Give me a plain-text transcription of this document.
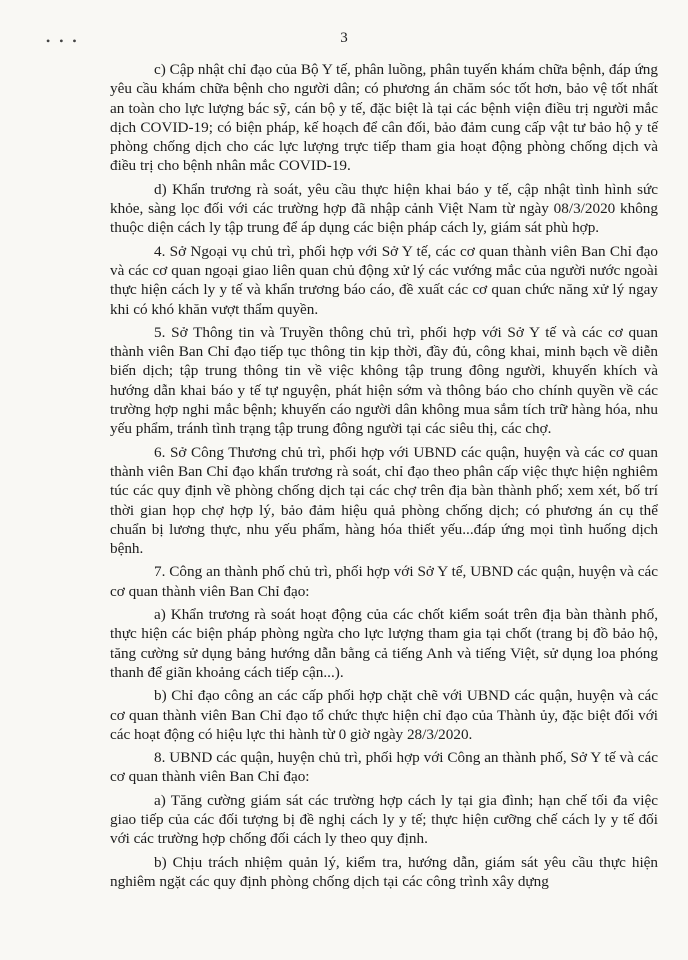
• • •	3

c) Cập nhật chỉ đạo của Bộ Y tế, phân luồng, phân tuyến khám chữa bệnh, đáp ứng yêu cầu khám chữa bệnh cho người dân; có phương án chăm sóc tốt hơn, bảo vệ tốt nhất an toàn cho lực lượng bác sỹ, cán bộ y tế, đặc biệt là tại các bệnh viện điều trị người mắc dịch COVID-19; có biện pháp, kế hoạch để cân đối, bảo đảm cung cấp vật tư bảo hộ y tế phòng chống dịch cho các lực lượng trực tiếp tham gia hoạt động phòng chống dịch và điều trị cho bệnh nhân mắc COVID-19.

d) Khẩn trương rà soát, yêu cầu thực hiện khai báo y tế, cập nhật tình hình sức khỏe, sàng lọc đối với các trường hợp đã nhập cảnh Việt Nam từ ngày 08/3/2020 không thuộc diện cách ly tập trung để áp dụng các biện pháp cách ly, giám sát phù hợp.

4. Sở Ngoại vụ chủ trì, phối hợp với Sở Y tế, các cơ quan thành viên Ban Chỉ đạo và các cơ quan ngoại giao liên quan chủ động xử lý các vướng mắc của người nước ngoài thực hiện cách ly y tế và khẩn trương báo cáo, đề xuất các cơ quan chức năng xử lý ngay khi có khó khăn vượt thẩm quyền.

5. Sở Thông tin và Truyền thông chủ trì, phối hợp với Sở Y tế và các cơ quan thành viên Ban Chỉ đạo tiếp tục thông tin kịp thời, đầy đủ, công khai, minh bạch về diễn biến dịch; tập trung thông tin về việc không tập trung đông người, khuyến khích và hướng dẫn khai báo y tế tự nguyện, phát hiện sớm và thông báo cho chính quyền về các trường hợp nghi mắc bệnh; khuyến cáo người dân không mua sắm tích trữ hàng hóa, nhu yếu phẩm, tránh tình trạng tập trung đông người tại các siêu thị, các chợ.

6. Sở Công Thương chủ trì, phối hợp với UBND các quận, huyện và các cơ quan thành viên Ban Chỉ đạo khẩn trương rà soát, chỉ đạo theo phân cấp việc thực hiện nghiêm túc các quy định về phòng chống dịch tại các chợ trên địa bàn thành phố; xem xét, bố trí thời gian họp chợ hợp lý, bảo đảm hiệu quả phòng chống dịch; có phương án cụ thể chuẩn bị lương thực, nhu yếu phẩm, hàng hóa thiết yếu...đáp ứng mọi tình huống dịch bệnh.

7. Công an thành phố chủ trì, phối hợp với Sở Y tế, UBND các quận, huyện và các cơ quan thành viên Ban Chỉ đạo:

a) Khẩn trương rà soát hoạt động của các chốt kiểm soát trên địa bàn thành phố, thực hiện các biện pháp phòng ngừa cho lực lượng tham gia tại chốt (trang bị đồ bảo hộ, tăng cường sử dụng bảng hướng dẫn bằng cả tiếng Anh và tiếng Việt, sử dụng loa phóng thanh để giãn khoảng cách tiếp cận...).

b) Chỉ đạo công an các cấp phối hợp chặt chẽ với UBND các quận, huyện và các cơ quan thành viên Ban Chỉ đạo tổ chức thực hiện chỉ đạo của Thành ủy, đặc biệt đối với các hoạt động có hiệu lực thi hành từ 0 giờ ngày 28/3/2020.

8. UBND các quận, huyện chủ trì, phối hợp với Công an thành phố, Sở Y tế và các cơ quan thành viên Ban Chỉ đạo:

a) Tăng cường giám sát các trường hợp cách ly tại gia đình; hạn chế tối đa việc giao tiếp của các đối tượng bị đề nghị cách ly y tế; thực hiện cưỡng chế cách ly y tế đối với các trường hợp chống đối cách ly theo quy định.

b) Chịu trách nhiệm quản lý, kiểm tra, hướng dẫn, giám sát yêu cầu thực hiện nghiêm ngặt các quy định phòng chống dịch tại các công trình xây dựng
